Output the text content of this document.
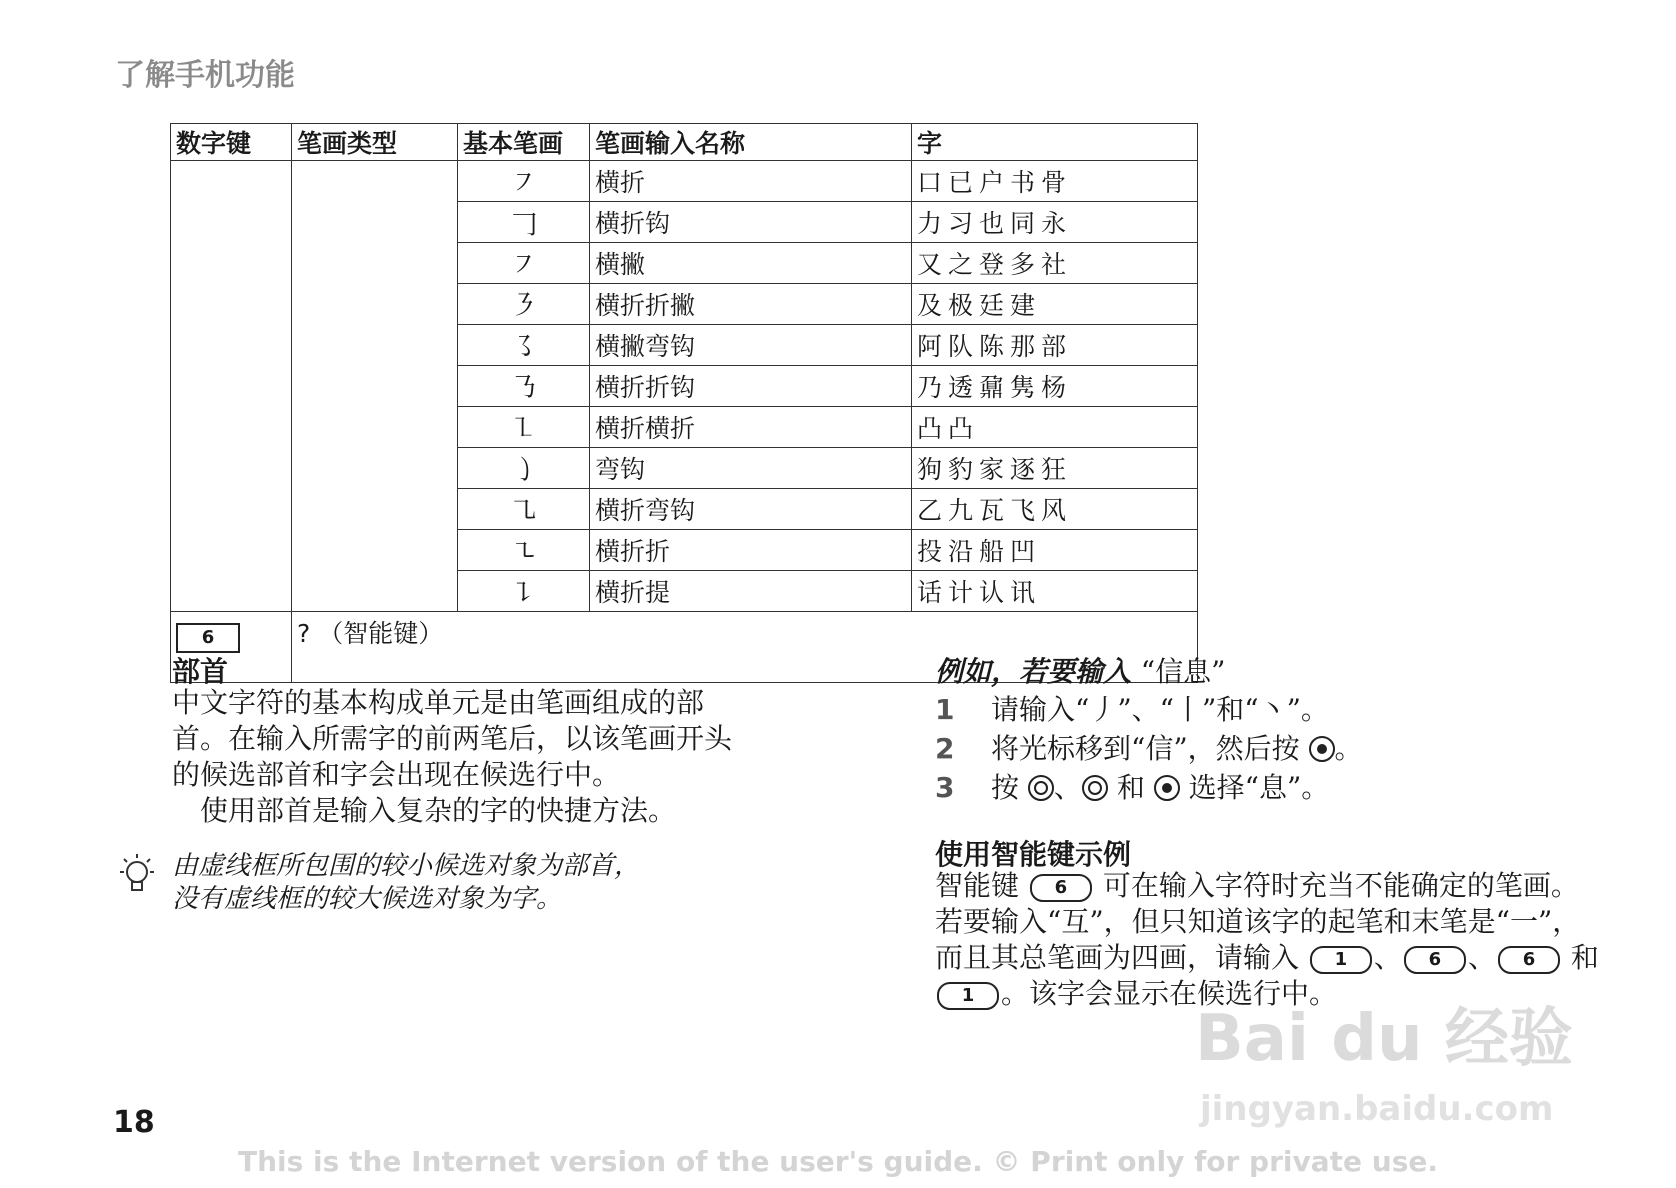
了解手机功能
数字键	笔画类型	基本笔画	笔画输入名称	字
		㇇	横折	口已户书骨
		𠃌	横折钩	力习也同永
		㇇	横撇	又之登多社
		㇋	横折折撇	及极廷建
		㇌	横撇弯钩	阿队陈那部
		㇡	横折折钩	乃透鼐隽杨
		㇅	横折横折	凸凸
		㇁	弯钩	狗豹家逐狂
		㇈	横折弯钩	乙九瓦飞风
		㇍	横折折	投沿船凹
		㇊	横折提	话计认讯
6	? （智能键）			
部首
中文字符的基本构成单元是由笔画组成的部
首。在输入所需字的前两笔后，以该笔画开头
的候选部首和字会出现在候选行中。
　使用部首是输入复杂的字的快捷方法。
由虚线框所包围的较小候选对象为部首，
没有虚线框的较大候选对象为字。
例如，若要输入 “信息”
1 请输入“丿”、“丨”和“丶”。
2 将光标移到“信”，然后按 。
3 按 、 和 选择“息”。
使用智能键示例
智能键 6 可在输入字符时充当不能确定的笔画。若要输入“互”，但只知道该字的起笔和末笔是“一”，而且其总笔画为四画，请输入 1 、 6 、 6 和 1 。该字会显示在候选行中。
Bai du 经验
jingyan.baidu.com
18
This is the Internet version of the user's guide. © Print only for private use.
